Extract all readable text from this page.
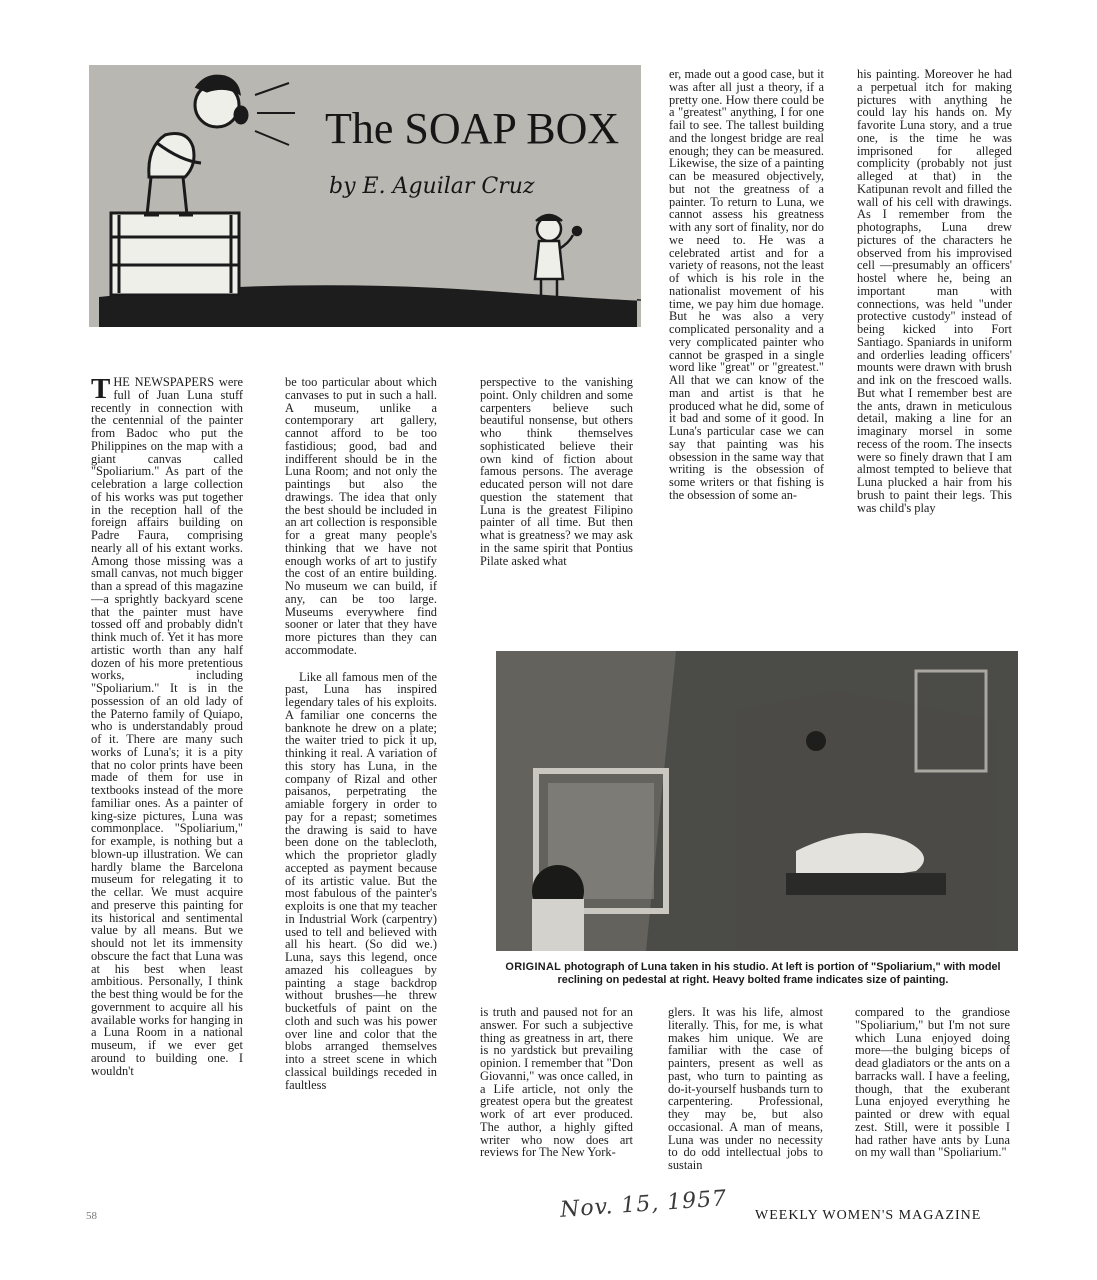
The SOAP BOX
by E. Aguilar Cruz

er, made out a good case, but it was after all just a theory, if a pretty one. How there could be a "greatest" anything, I for one fail to see. The tallest building and the longest bridge are real enough; they can be measured. Likewise, the size of a painting can be measured objectively, but not the greatness of a painter. To return to Luna, we cannot assess his greatness with any sort of finality, nor do we need to. He was a celebrated artist and for a variety of reasons, not the least of which is his role in the nationalist movement of his time, we pay him due homage. But he was also a very complicated personality and a very complicated painter who cannot be grasped in a single word like "great" or "greatest." All that we can know of the man and artist is that he produced what he did, some of it bad and some of it good. In Luna's particular case we can say that painting was his obsession in the same way that writing is the obsession of some writers or that fishing is the obsession of some an-

his painting. Moreover he had a perpetual itch for making pictures with anything he could lay his hands on. My favorite Luna story, and a true one, is the time he was imprisoned for alleged complicity (probably not just alleged at that) in the Katipunan revolt and filled the wall of his cell with drawings. As I remember from the photographs, Luna drew pictures of the characters he observed from his improvised cell —presumably an officers' hostel where he, being an important man with connections, was held "under protective custody" instead of being kicked into Fort Santiago. Spaniards in uniform and orderlies leading officers' mounts were drawn with brush and ink on the frescoed walls. But what I remember best are the ants, drawn in meticulous detail, making a line for an imaginary morsel in some recess of the room. The insects were so finely drawn that I am almost tempted to believe that Luna plucked a hair from his brush to paint their legs. This was child's play

THE NEWSPAPERS were full of Juan Luna stuff recently in connection with the centennial of the painter from Badoc who put the Philippines on the map with a giant canvas called "Spoliarium." As part of the celebration a large collection of his works was put together in the reception hall of the foreign affairs building on Padre Faura, comprising nearly all of his extant works. Among those missing was a small canvas, not much bigger than a spread of this magazine—a sprightly backyard scene that the painter must have tossed off and probably didn't think much of. Yet it has more artistic worth than any half dozen of his more pretentious works, including "Spoliarium." It is in the possession of an old lady of the Paterno family of Quiapo, who is understandably proud of it. There are many such works of Luna's; it is a pity that no color prints have been made of them for use in textbooks instead of the more familiar ones. As a painter of king-size pictures, Luna was commonplace. "Spoliarium," for example, is nothing but a blown-up illustration. We can hardly blame the Barcelona museum for relegating it to the cellar. We must acquire and preserve this painting for its historical and sentimental value by all means. But we should not let its immensity obscure the fact that Luna was at his best when least ambitious. Personally, I think the best thing would be for the government to acquire all his available works for hanging in a Luna Room in a national museum, if we ever get around to building one. I wouldn't

be too particular about which canvases to put in such a hall. A museum, unlike a contemporary art gallery, cannot afford to be too fastidious; good, bad and indifferent should be in the Luna Room; and not only the paintings but also the drawings. The idea that only the best should be included in an art collection is responsible for a great many people's thinking that we have not enough works of art to justify the cost of an entire building. No museum we can build, if any, can be too large. Museums everywhere find sooner or later that they have more pictures than they can accommodate.

Like all famous men of the past, Luna has inspired legendary tales of his exploits. A familiar one concerns the banknote he drew on a plate; the waiter tried to pick it up, thinking it real. A variation of this story has Luna, in the company of Rizal and other paisanos, perpetrating the amiable forgery in order to pay for a repast; sometimes the drawing is said to have been done on the tablecloth, which the proprietor gladly accepted as payment because of its artistic value. But the most fabulous of the painter's exploits is one that my teacher in Industrial Work (carpentry) used to tell and believed with all his heart. (So did we.) Luna, says this legend, once amazed his colleagues by painting a stage backdrop without brushes—he threw bucketfuls of paint on the cloth and such was his power over line and color that the blobs arranged themselves into a street scene in which classical buildings receded in faultless

perspective to the vanishing point. Only children and some carpenters believe such beautiful nonsense, but others who think themselves sophisticated believe their own kind of fiction about famous persons. The average educated person will not dare question the statement that Luna is the greatest Filipino painter of all time. But then what is greatness? we may ask in the same spirit that Pontius Pilate asked what

ORIGINAL photograph of Luna taken in his studio. At left is portion of "Spoliarium," with model reclining on pedestal at right. Heavy bolted frame indicates size of painting.

is truth and paused not for an answer. For such a subjective thing as greatness in art, there is no yardstick but prevailing opinion. I remember that "Don Giovanni," was once called, in a Life article, not only the greatest opera but the greatest work of art ever produced. The author, a highly gifted writer who now does art reviews for The New York-

glers. It was his life, almost literally. This, for me, is what makes him unique. We are familiar with the case of painters, present as well as past, who turn to painting as do-it-yourself husbands turn to carpentering. Professional, they may be, but also occasional. A man of means, Luna was under no necessity to do odd intellectual jobs to sustain

compared to the grandiose "Spoliarium," but I'm not sure which Luna enjoyed doing more—the bulging biceps of dead gladiators or the ants on a barracks wall. I have a feeling, though, that the exuberant Luna enjoyed everything he painted or drew with equal zest. Still, were it possible I had rather have ants by Luna on my wall than "Spoliarium."

58	Nov. 15, 1957 WEEKLY WOMEN'S MAGAZINE
